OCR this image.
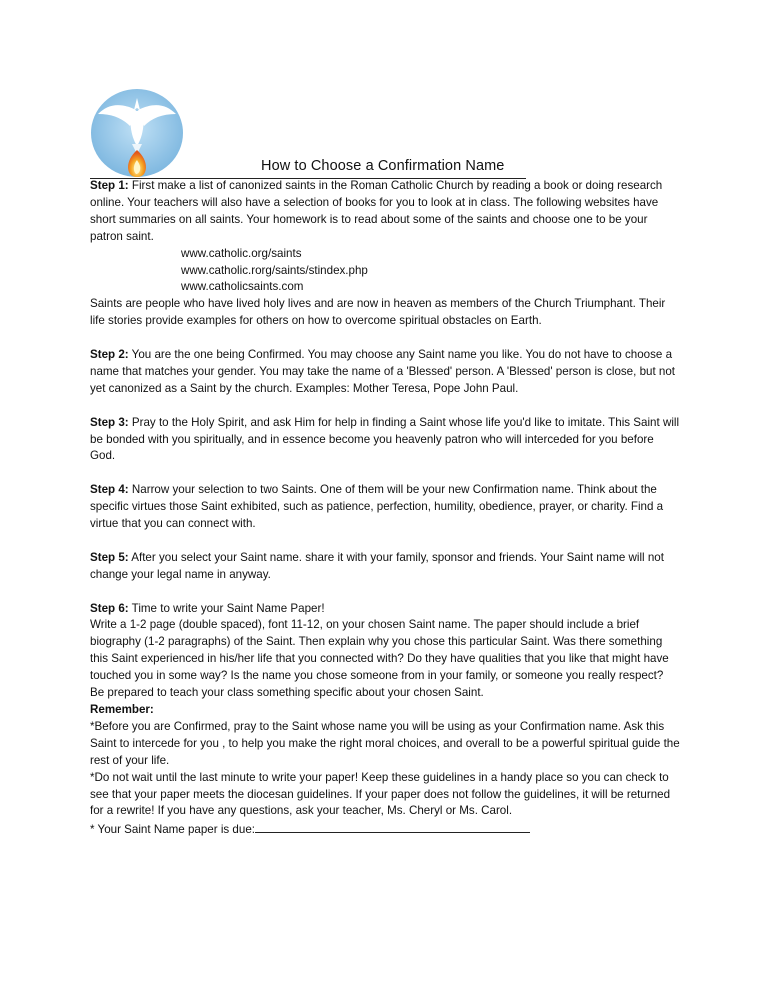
How to Choose a Confirmation Name

Step 1: First make a list of canonized saints in the Roman Catholic Church by reading a book or doing research online. Your teachers will also have a selection of books for you to look at in class. The following websites have short summaries on all saints. Your homework is to read about some of the saints and choose one to be your patron saint.

www.catholic.org/saints

www.catholic.rorg/saints/stindex.php

www.catholicsaints.com

Saints are people who have lived holy lives and are now in heaven as members of the Church Triumphant. Their life stories provide examples for others on how to overcome spiritual obstacles on Earth.

Step 2: You are the one being Confirmed. You may choose any Saint name you like. You do not have to choose a name that matches your gender. You may take the name of a 'Blessed' person. A 'Blessed' person is close, but not yet canonized as a Saint by the church. Examples: Mother Teresa, Pope John Paul.

Step 3: Pray to the Holy Spirit, and ask Him for help in finding a Saint whose life you'd like to imitate. This Saint will be bonded with you spiritually, and in essence become you heavenly patron who will interceded for you before God.

Step 4: Narrow your selection to two Saints. One of them will be your new Confirmation name. Think about the specific virtues those Saint exhibited, such as patience, perfection, humility, obedience, prayer, or charity. Find a virtue that you can connect with.

Step 5: After you select your Saint name. share it with your family, sponsor and friends. Your Saint name will not change your legal name in anyway.

Step 6: Time to write your Saint Name Paper!

Write a 1-2 page (double spaced), font 11-12, on your chosen Saint name. The paper should include a brief biography (1-2 paragraphs) of the Saint. Then explain why you chose this particular Saint. Was there something this Saint experienced in his/her life that you connected with? Do they have qualities that you like that might have touched you in some way? Is the name you chose someone from in your family, or someone you really respect? Be prepared to teach your class something specific about your chosen Saint.

Remember:

*Before you are Confirmed, pray to the Saint whose name you will be using as your Confirmation name. Ask this Saint to intercede for you , to help you make the right moral choices, and overall to be a powerful spiritual guide the rest of your life.

*Do not wait until the last minute to write your paper! Keep these guidelines in a handy place so you can check to see that your paper meets the diocesan guidelines. If your paper does not follow the guidelines, it will be returned for a rewrite! If you have any questions, ask your teacher, Ms. Cheryl or Ms. Carol.

* Your Saint Name paper is due:
